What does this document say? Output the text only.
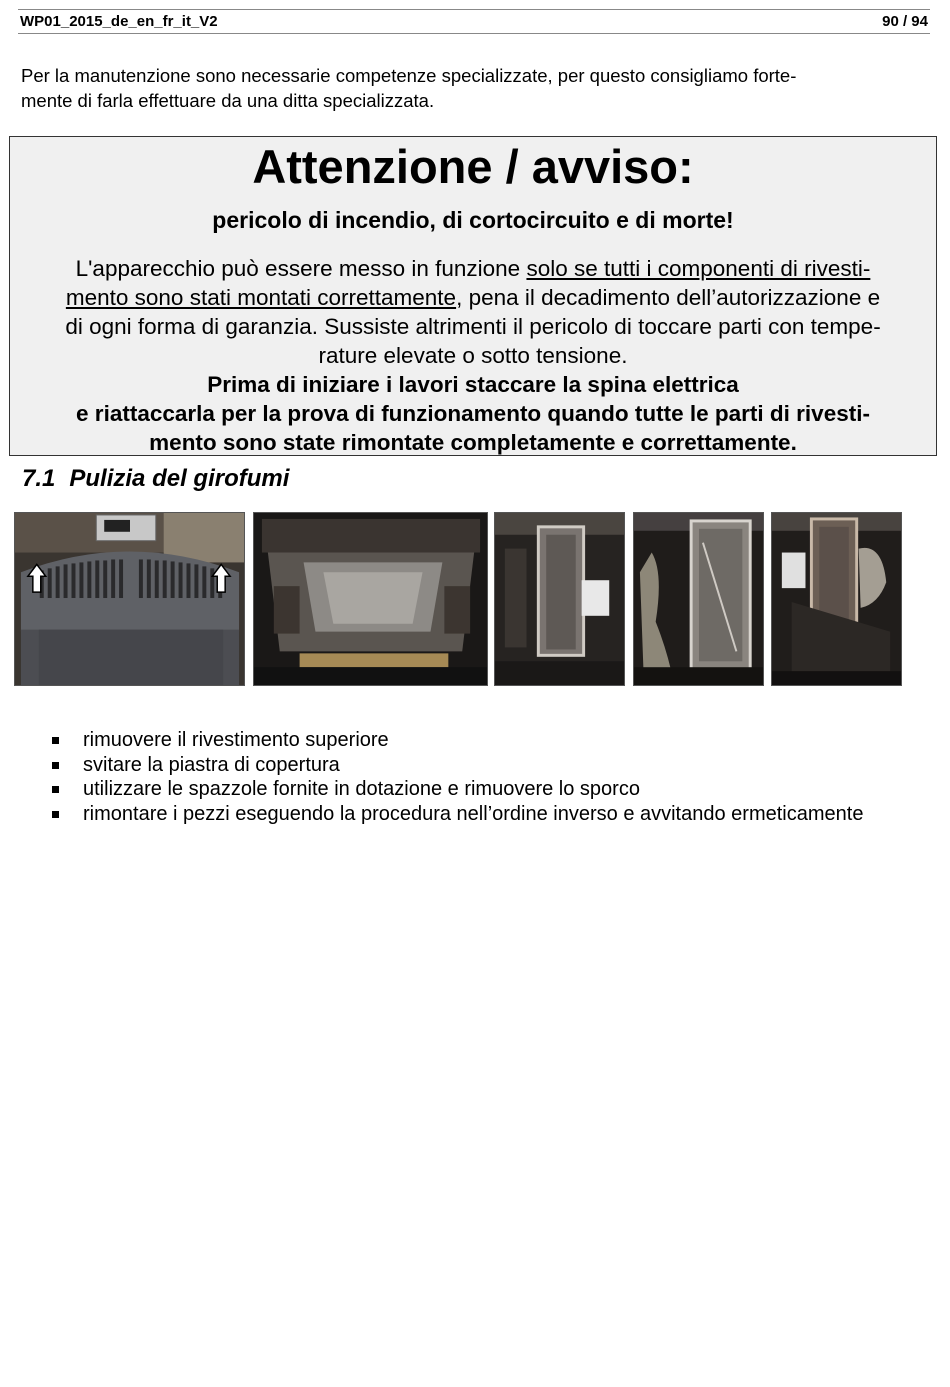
WP01_2015_de_en_fr_it_V2	90 / 94

Per la manutenzione sono necessarie competenze specializzate, per questo consigliamo forte-
mente di farla effettuare da una ditta specializzata.

Attenzione / avviso:

pericolo di incendio, di cortocircuito e di morte!

L'apparecchio può essere messo in funzione solo se tutti i componenti di rivesti-
mento sono stati montati correttamente, pena il decadimento dell’autorizzazione e
di ogni forma di garanzia. Sussiste altrimenti il pericolo di toccare parti con tempe-
rature elevate o sotto tensione.
Prima di iniziare i lavori staccare la spina elettrica
e riattaccarla per la prova di funzionamento quando tutte le parti di rivesti-
mento sono state rimontate completamente e correttamente.

7.1 Pulizia del girofumi
rimuovere il rivestimento superiore
svitare la piastra di copertura
utilizzare le spazzole fornite in dotazione e rimuovere lo sporco
rimontare i pezzi eseguendo la procedura nell’ordine inverso e avvitando ermeticamente
